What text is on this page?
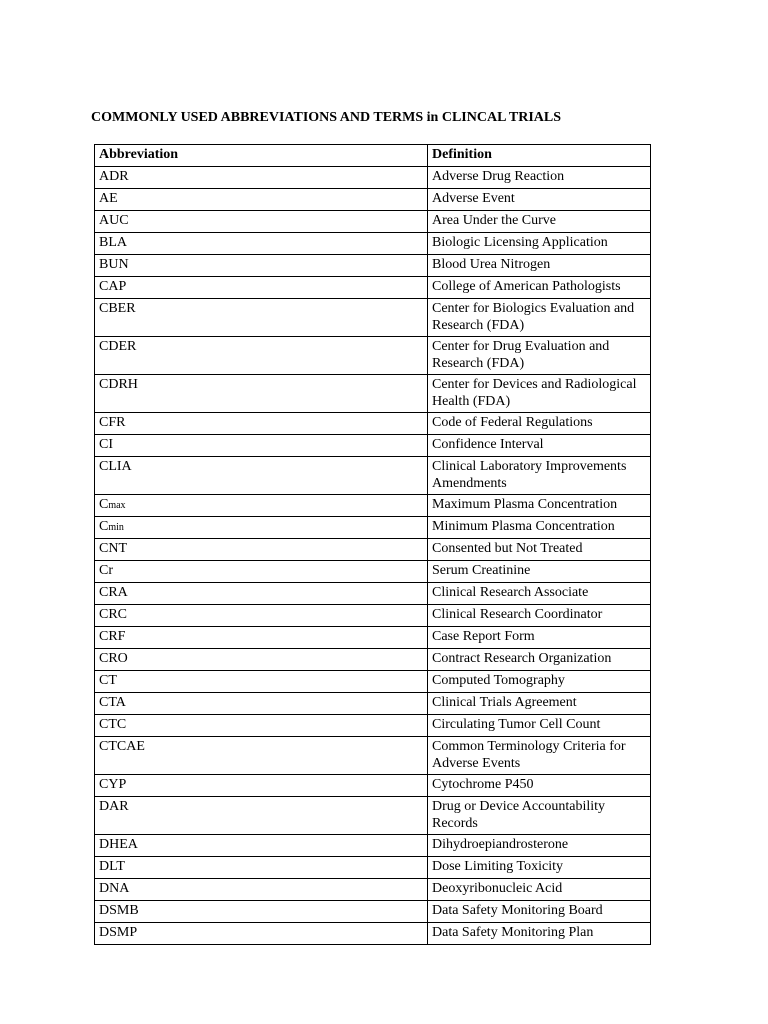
COMMONLY USED ABBREVIATIONS AND TERMS in CLINCAL TRIALS
Abbreviation	Definition
ADR	Adverse Drug Reaction
AE	Adverse Event
AUC	Area Under the Curve
BLA	Biologic Licensing Application
BUN	Blood Urea Nitrogen
CAP	College of American Pathologists
CBER	Center for Biologics Evaluation and Research (FDA)
CDER	Center for Drug Evaluation and Research (FDA)
CDRH	Center for Devices and Radiological Health (FDA)
CFR	Code of Federal Regulations
CI	Confidence Interval
CLIA	Clinical Laboratory Improvements Amendments
Cmax	Maximum Plasma Concentration
Cmin	Minimum Plasma Concentration
CNT	Consented but Not Treated
Cr	Serum Creatinine
CRA	Clinical Research Associate
CRC	Clinical Research Coordinator
CRF	Case Report Form
CRO	Contract Research Organization
CT	Computed Tomography
CTA	Clinical Trials Agreement
CTC	Circulating Tumor Cell Count
CTCAE	Common Terminology Criteria for Adverse Events
CYP	Cytochrome P450
DAR	Drug or Device Accountability Records
DHEA	Dihydroepiandrosterone
DLT	Dose Limiting Toxicity
DNA	Deoxyribonucleic Acid
DSMB	Data Safety Monitoring Board
DSMP	Data Safety Monitoring Plan
